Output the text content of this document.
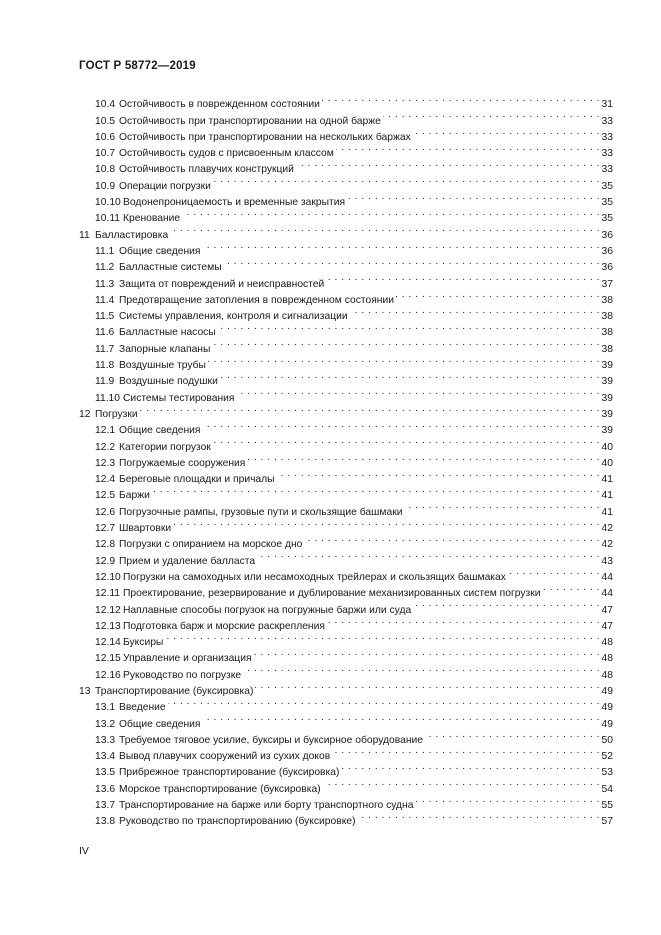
ГОСТ Р 58772—2019
10.4 Остойчивость в поврежденном состоянии . . .	31
10.5 Остойчивость при транспортировании на одной барже . . .	33
10.6 Остойчивость при транспортировании на нескольких баржах . . .	33
10.7 Остойчивость судов с присвоенным классом . . .	33
10.8 Остойчивость плавучих конструкций . . .	33
10.9 Операции погрузки . . .	35
10.10 Водонепроницаемость и временные закрытия . . .	35
10.11 Кренование . . .	35
11 Балластировка . . .	36
11.1 Общие сведения . . .	36
11.2 Балластные системы . . .	36
11.3 Защита от повреждений и неисправностей . . .	37
11.4 Предотвращение затопления в поврежденном состоянии . . .	38
11.5 Системы управления, контроля и сигнализации . . .	38
11.6 Балластные насосы . . .	38
11.7 Запорные клапаны . . .	38
11.8 Воздушные трубы . . .	39
11.9 Воздушные подушки . . .	39
11.10 Системы тестирования . . .	39
12 Погрузки . . .	39
12.1 Общие сведения . . .	39
12.2 Категории погрузок . . .	40
12.3 Погружаемые сооружения . . .	40
12.4 Береговые площадки и причалы . . .	41
12.5 Баржи . . .	41
12.6 Погрузочные рампы, грузовые пути и скользящие башмаки . . .	41
12.7 Швартовки . . .	42
12.8 Погрузки с опиранием на морское дно . . .	42
12.9 Прием и удаление балласта . . .	43
12.10 Погрузки на самоходных или несамоходных трейлерах и скользящих башмаках . . .	44
12.11 Проектирование, резервирование и дублирование механизированных систем погрузки . . .	44
12.12 Наплавные способы погрузок на погружные баржи или суда . . .	47
12.13 Подготовка барж и морские раскрепления . . .	47
12.14 Буксиры . . .	48
12.15 Управление и организация . . .	48
12.16 Руководство по погрузке . . .	48
13 Транспортирование (буксировка) . . .	49
13.1 Введение . . .	49
13.2 Общие сведения . . .	49
13.3 Требуемое тяговое усилие, буксиры и буксирное оборудование . . .	50
13.4 Вывод плавучих сооружений из сухих доков . . .	52
13.5 Прибрежное транспортирование (буксировка) . . .	53
13.6 Морское транспортирование (буксировка) . . .	54
13.7 Транспортирование на барже или борту транспортного судна . . .	55
13.8 Руководство по транспортированию (буксировке) . . .	57
IV
